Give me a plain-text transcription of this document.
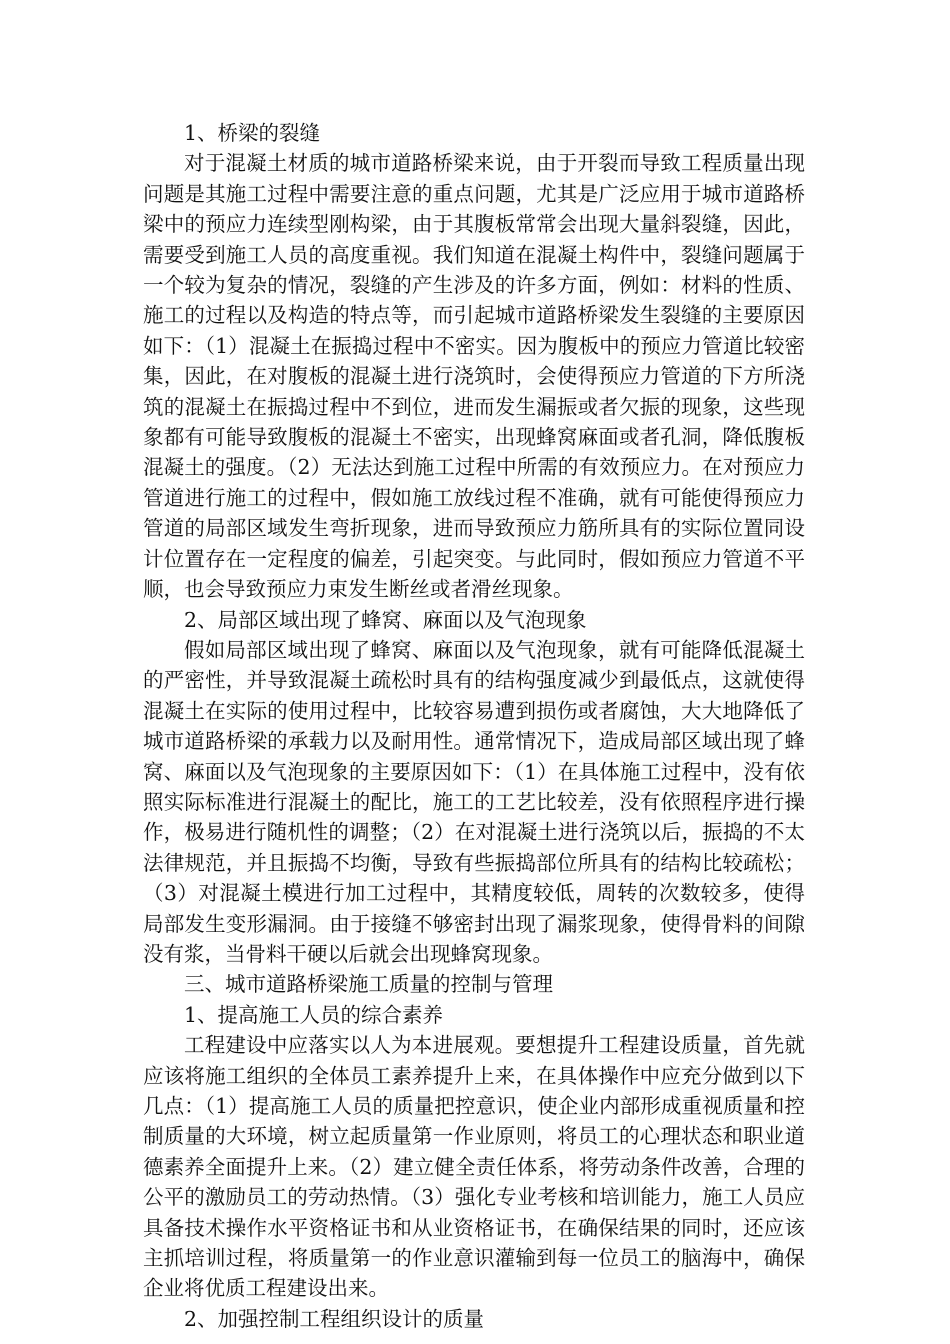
1、桥梁的裂缝

对于混凝土材质的城市道路桥梁来说，由于开裂而导致工程质量出现问题是其施工过程中需要注意的重点问题，尤其是广泛应用于城市道路桥梁中的预应力连续型刚构梁，由于其腹板常常会出现大量斜裂缝，因此，需要受到施工人员的高度重视。我们知道在混凝土构件中，裂缝问题属于一个较为复杂的情况，裂缝的产生涉及的许多方面，例如：材料的性质、施工的过程以及构造的特点等，而引起城市道路桥梁发生裂缝的主要原因如下：（1）混凝土在振捣过程中不密实。因为腹板中的预应力管道比较密集，因此，在对腹板的混凝土进行浇筑时，会使得预应力管道的下方所浇筑的混凝土在振捣过程中不到位，进而发生漏振或者欠振的现象，这些现象都有可能导致腹板的混凝土不密实，出现蜂窝麻面或者孔洞，降低腹板混凝土的强度。（2）无法达到施工过程中所需的有效预应力。在对预应力管道进行施工的过程中，假如施工放线过程不准确，就有可能使得预应力管道的局部区域发生弯折现象，进而导致预应力筋所具有的实际位置同设计位置存在一定程度的偏差，引起突变。与此同时，假如预应力管道不平顺，也会导致预应力束发生断丝或者滑丝现象。

2、局部区域出现了蜂窝、麻面以及气泡现象

假如局部区域出现了蜂窝、麻面以及气泡现象，就有可能降低混凝土的严密性，并导致混凝土疏松时具有的结构强度减少到最低点，这就使得混凝土在实际的使用过程中，比较容易遭到损伤或者腐蚀，大大地降低了城市道路桥梁的承载力以及耐用性。通常情况下，造成局部区域出现了蜂窝、麻面以及气泡现象的主要原因如下：（1）在具体施工过程中，没有依照实际标准进行混凝土的配比，施工的工艺比较差，没有依照程序进行操作，极易进行随机性的调整；（2）在对混凝土进行浇筑以后，振捣的不太法律规范，并且振捣不均衡，导致有些振捣部位所具有的结构比较疏松；（3）对混凝土模进行加工过程中，其精度较低，周转的次数较多，使得局部发生变形漏洞。由于接缝不够密封出现了漏浆现象，使得骨料的间隙没有浆，当骨料干硬以后就会出现蜂窝现象。

三、城市道路桥梁施工质量的控制与管理

1、提高施工人员的综合素养

工程建设中应落实以人为本进展观。要想提升工程建设质量，首先就应该将施工组织的全体员工素养提升上来，在具体操作中应充分做到以下几点：（1）提高施工人员的质量把控意识，使企业内部形成重视质量和控制质量的大环境，树立起质量第一作业原则，将员工的心理状态和职业道德素养全面提升上来。（2）建立健全责任体系，将劳动条件改善，合理的公平的激励员工的劳动热情。（3）强化专业考核和培训能力，施工人员应具备技术操作水平资格证书和从业资格证书，在确保结果的同时，还应该主抓培训过程，将质量第一的作业意识灌输到每一位员工的脑海中，确保企业将优质工程建设出来。

2、加强控制工程组织设计的质量
